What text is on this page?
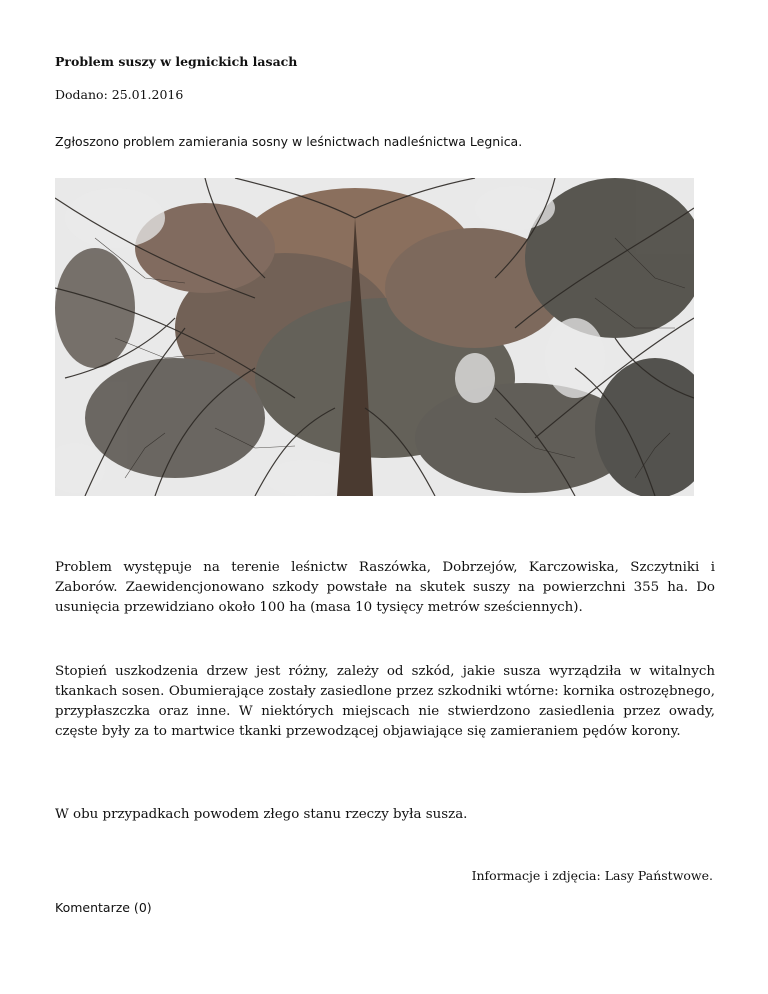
Problem suszy w legnickich lasach
Dodano: 25.01.2016
Zgłoszono problem zamierania sosny w leśnictwach nadleśnictwa Legnica.

Problem występuje na terenie leśnictw Raszówka, Dobrzejów, Karczowiska, Szczytniki i Zaborów. Zaewidencjonowano szkody powstałe na skutek suszy na powierzchni 355 ha. Do usunięcia przewidziano około 100 ha (masa 10 tysięcy metrów sześciennych).

Stopień uszkodzenia drzew jest różny, zależy od szkód, jakie susza wyrządziła w witalnych tkankach sosen. Obumierające zostały zasiedlone przez szkodniki wtórne: kornika ostrozębnego, przypłaszczka oraz inne. W niektórych miejscach nie stwierdzono zasiedlenia przez owady, częste były za to martwice tkanki przewodzącej objawiające się zamieraniem pędów korony.

W obu przypadkach powodem złego stanu rzeczy była susza.

Informacje i zdjęcia: Lasy Państwowe.
Komentarze (0)
